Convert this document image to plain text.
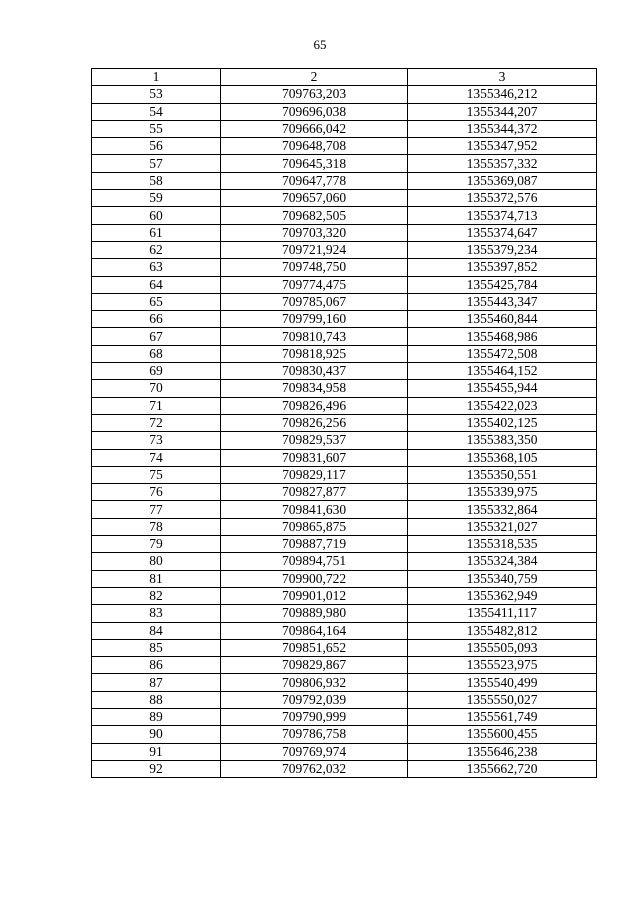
65
1	2	3
53	709763,203	1355346,212
54	709696,038	1355344,207
55	709666,042	1355344,372
56	709648,708	1355347,952
57	709645,318	1355357,332
58	709647,778	1355369,087
59	709657,060	1355372,576
60	709682,505	1355374,713
61	709703,320	1355374,647
62	709721,924	1355379,234
63	709748,750	1355397,852
64	709774,475	1355425,784
65	709785,067	1355443,347
66	709799,160	1355460,844
67	709810,743	1355468,986
68	709818,925	1355472,508
69	709830,437	1355464,152
70	709834,958	1355455,944
71	709826,496	1355422,023
72	709826,256	1355402,125
73	709829,537	1355383,350
74	709831,607	1355368,105
75	709829,117	1355350,551
76	709827,877	1355339,975
77	709841,630	1355332,864
78	709865,875	1355321,027
79	709887,719	1355318,535
80	709894,751	1355324,384
81	709900,722	1355340,759
82	709901,012	1355362,949
83	709889,980	1355411,117
84	709864,164	1355482,812
85	709851,652	1355505,093
86	709829,867	1355523,975
87	709806,932	1355540,499
88	709792,039	1355550,027
89	709790,999	1355561,749
90	709786,758	1355600,455
91	709769,974	1355646,238
92	709762,032	1355662,720
